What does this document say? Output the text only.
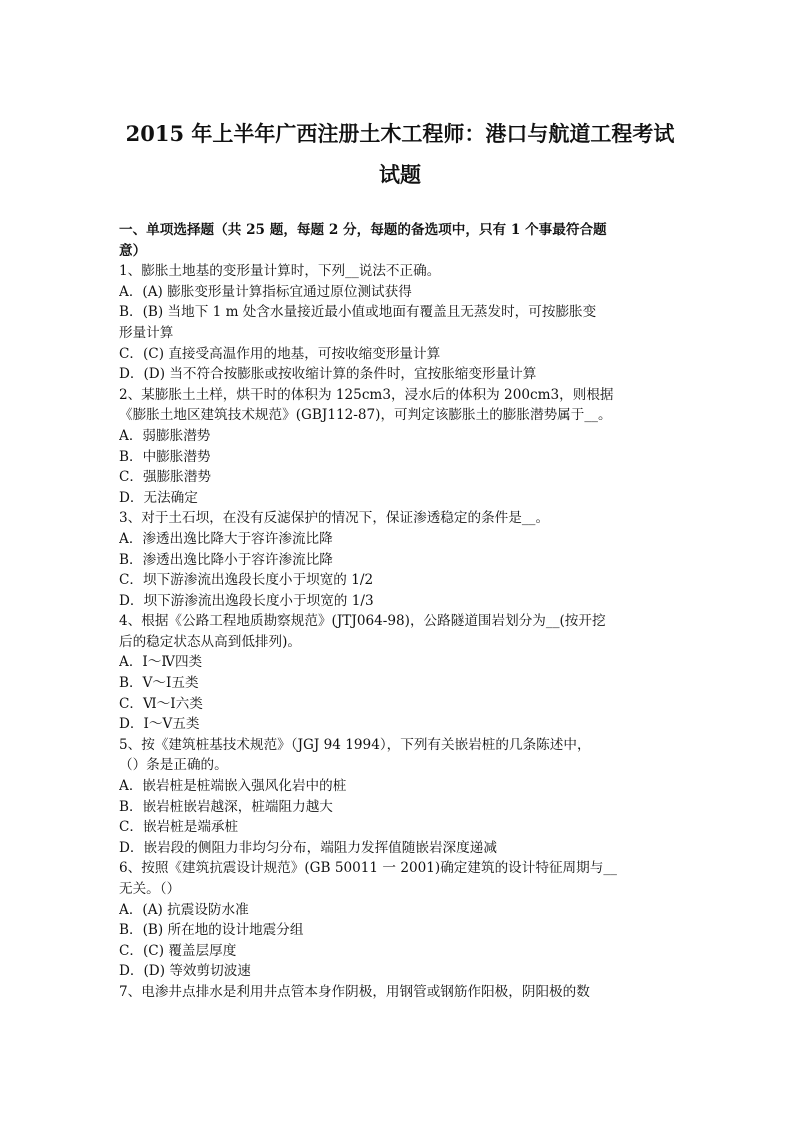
2015 年上半年广西注册土木工程师：港口与航道工程考试
试题
一、单项选择题（共 25 题，每题 2 分，每题的备选项中，只有 1 个事最符合题
意）
1、膨胀土地基的变形量计算时，下列__说法不正确。
A．(A) 膨胀变形量计算指标宜通过原位测试获得
B．(B) 当地下 1 m 处含水量接近最小值或地面有覆盖且无蒸发时，可按膨胀变
形量计算
C．(C) 直接受高温作用的地基，可按收缩变形量计算
D．(D) 当不符合按膨胀或按收缩计算的条件时，宜按胀缩变形量计算
2、某膨胀土土样，烘干时的体积为 125cm3，浸水后的体积为 200cm3，则根据
《膨胀土地区建筑技术规范》(GBJ112-87)，可判定该膨胀土的膨胀潜势属于__。
A．弱膨胀潜势
B．中膨胀潜势
C．强膨胀潜势
D．无法确定
3、对于土石坝，在没有反滤保护的情况下，保证渗透稳定的条件是__。
A．渗透出逸比降大于容许渗流比降
B．渗透出逸比降小于容许渗流比降
C．坝下游渗流出逸段长度小于坝宽的 1/2
D．坝下游渗流出逸段长度小于坝宽的 1/3
4、根据《公路工程地质勘察规范》(JTJ064-98)，公路隧道围岩划分为__(按开挖
后的稳定状态从高到低排列)。
A．Ⅰ～Ⅳ四类
B．Ⅴ～Ⅰ五类
C．Ⅵ～Ⅰ六类
D．Ⅰ～Ⅴ五类
5、按《建筑桩基技术规范》（JGJ 94 1994），下列有关嵌岩桩的几条陈述中，
（）条是正确的。
A．嵌岩桩是桩端嵌入强风化岩中的桩
B．嵌岩桩嵌岩越深，桩端阻力越大
C．嵌岩桩是端承桩
D．嵌岩段的侧阻力非均匀分布，端阻力发挥值随嵌岩深度递减
6、按照《建筑抗震设计规范》(GB 50011 一 2001)确定建筑的设计特征周期与__
无关。（）
A．(A) 抗震设防水准
B．(B) 所在地的设计地震分组
C．(C) 覆盖层厚度
D．(D) 等效剪切波速
7、电渗井点排水是利用井点管本身作阴极，用钢管或钢筋作阳极，阴阳极的数
